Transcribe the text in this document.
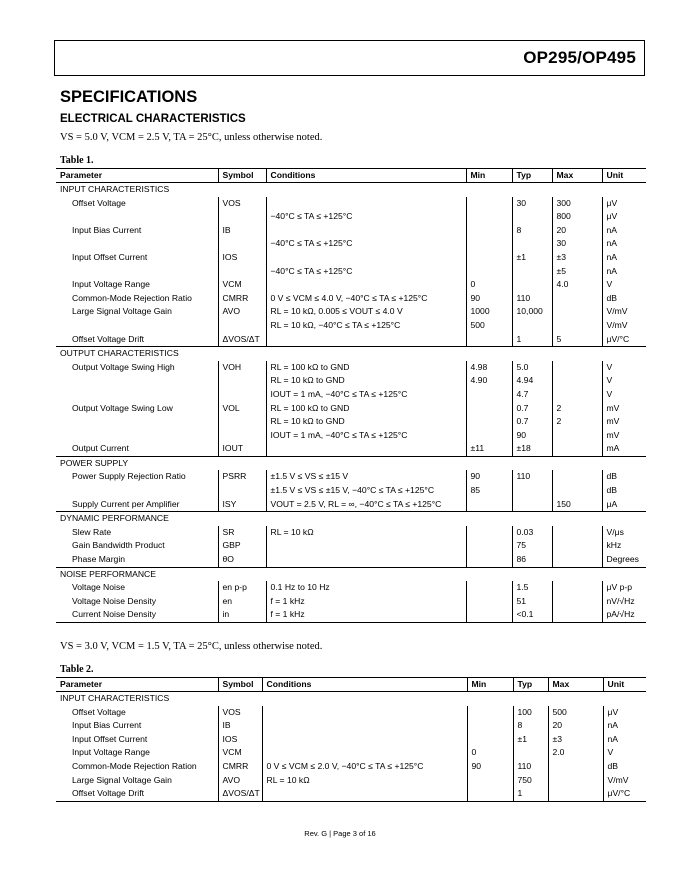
OP295/OP495
SPECIFICATIONS
ELECTRICAL CHARACTERISTICS
VS = 5.0 V, VCM = 2.5 V, TA = 25°C, unless otherwise noted.
Table 1.
Parameter	Symbol	Conditions	Min	Typ	Max	Unit
INPUT CHARACTERISTICS						
Offset Voltage	VOS			30	300	μV
		−40°C ≤ TA ≤ +125°C			800	μV
Input Bias Current	IB			8	20	nA
		−40°C ≤ TA ≤ +125°C			30	nA
Input Offset Current	IOS			±1	±3	nA
		−40°C ≤ TA ≤ +125°C			±5	nA
Input Voltage Range	VCM		0		4.0	V
Common-Mode Rejection Ratio	CMRR	0 V ≤ VCM ≤ 4.0 V, −40°C ≤ TA ≤ +125°C	90	110		dB
Large Signal Voltage Gain	AVO	RL = 10 kΩ, 0.005 ≤ VOUT ≤ 4.0 V	1000	10,000		V/mV
		RL = 10 kΩ, −40°C ≤ TA ≤ +125°C	500			V/mV
Offset Voltage Drift	ΔVOS/ΔT			1	5	μV/°C
OUTPUT CHARACTERISTICS						
Output Voltage Swing High	VOH	RL = 100 kΩ to GND	4.98	5.0		V
		RL = 10 kΩ to GND	4.90	4.94		V
		IOUT = 1 mA, −40°C ≤ TA ≤ +125°C		4.7		V
Output Voltage Swing Low	VOL	RL = 100 kΩ to GND		0.7	2	mV
		RL = 10 kΩ to GND		0.7	2	mV
		IOUT = 1 mA, −40°C ≤ TA ≤ +125°C		90		mV
Output Current	IOUT		±11	±18		mA
POWER SUPPLY						
Power Supply Rejection Ratio	PSRR	±1.5 V ≤ VS ≤ ±15 V	90	110		dB
		±1.5 V ≤ VS ≤ ±15 V, −40°C ≤ TA ≤ +125°C	85			dB
Supply Current per Amplifier	ISY	VOUT = 2.5 V, RL = ∞, −40°C ≤ TA ≤ +125°C			150	μA
DYNAMIC PERFORMANCE						
Slew Rate	SR	RL = 10 kΩ		0.03		V/μs
Gain Bandwidth Product	GBP			75		kHz
Phase Margin	θO			86		Degrees
NOISE PERFORMANCE						
Voltage Noise	en p-p	0.1 Hz to 10 Hz		1.5		μV p-p
Voltage Noise Density	en	f = 1 kHz		51		nV/√Hz
Current Noise Density	in	f = 1 kHz		<0.1		pA/√Hz
VS = 3.0 V, VCM = 1.5 V, TA = 25°C, unless otherwise noted.
Table 2.
Parameter	Symbol	Conditions	Min	Typ	Max	Unit
INPUT CHARACTERISTICS						
Offset Voltage	VOS			100	500	μV
Input Bias Current	IB			8	20	nA
Input Offset Current	IOS			±1	±3	nA
Input Voltage Range	VCM		0		2.0	V
Common-Mode Rejection Ration	CMRR	0 V ≤ VCM ≤ 2.0 V, −40°C ≤ TA ≤ +125°C	90	110		dB
Large Signal Voltage Gain	AVO	RL = 10 kΩ		750		V/mV
Offset Voltage Drift	ΔVOS/ΔT			1		μV/°C
Rev. G | Page 3 of 16
